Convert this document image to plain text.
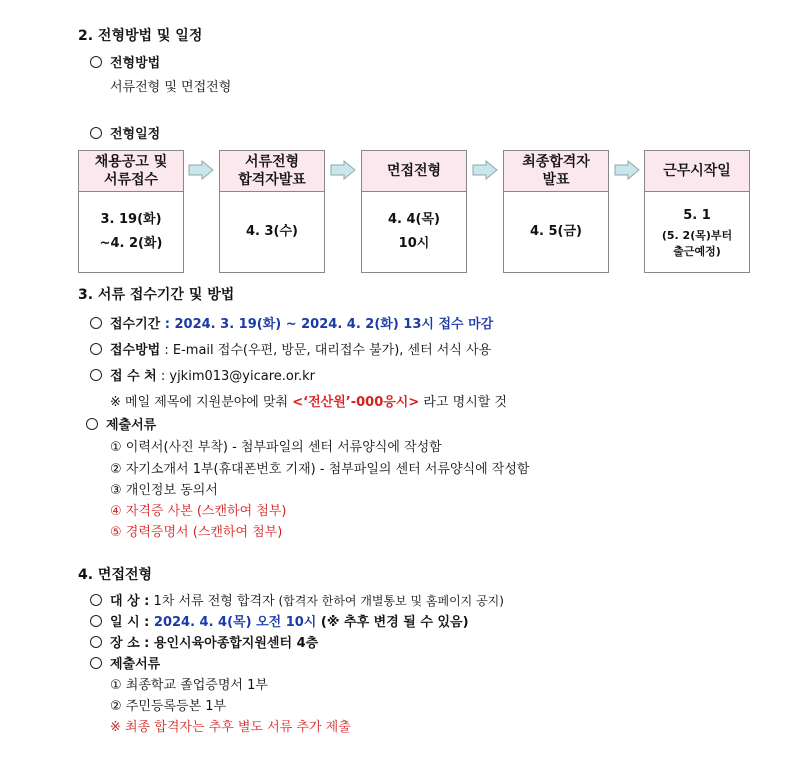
2. 전형방법 및 일정
전형방법
서류전형 및 면접전형
전형일정
채용공고 및
서류접수
3. 19(화)
~4. 2(화)
서류전형
합격자발표
4. 3(수)
면접전형
4. 4(목)
10시
최종합격자
발표
4. 5(금)
근무시작일
5. 1
(5. 2(목)부터
출근예정)
3. 서류 접수기간 및 방법
접수기간 : 2024. 3. 19(화) ~ 2024. 4. 2(화) 13시 접수 마감
접수방법 : E-mail 접수(우편, 방문, 대리접수 불가), 센터 서식 사용
접 수 처 : yjkim013@yicare.or.kr
※ 메일 제목에 지원분야에 맞춰 <‘전산원’-000응시> 라고 명시할 것
제출서류
① 이력서(사진 부착) - 첨부파일의 센터 서류양식에 작성함
② 자기소개서 1부(휴대폰번호 기재) - 첨부파일의 센터 서류양식에 작성함
③ 개인정보 동의서
④ 자격증 사본 (스캔하여 첨부)
⑤ 경력증명서 (스캔하여 첨부)
4. 면접전형
대 상 : 1차 서류 전형 합격자 (합격자 한하여 개별통보 및 홈페이지 공지)
일 시 : 2024. 4. 4(목) 오전 10시 (※ 추후 변경 될 수 있음)
장 소 : 용인시육아종합지원센터 4층
제출서류
① 최종학교 졸업증명서 1부
② 주민등록등본 1부
※ 최종 합격자는 추후 별도 서류 추가 제출
